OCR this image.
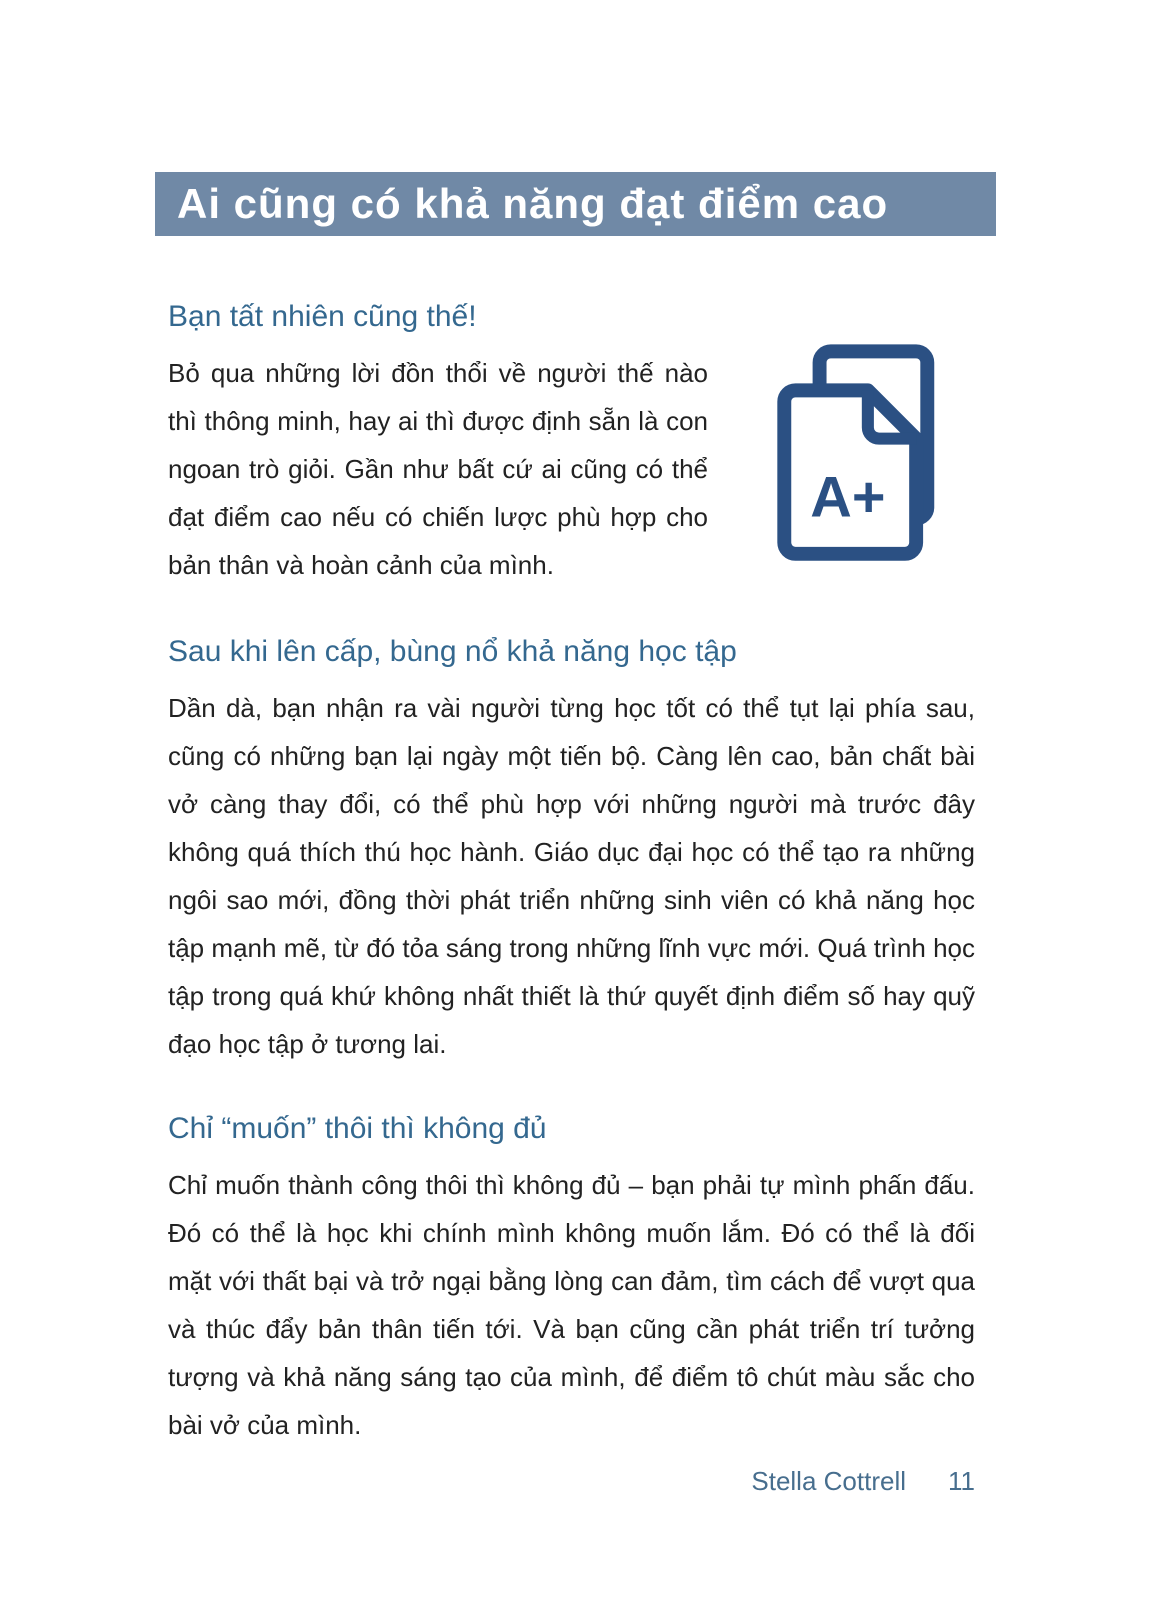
Ai cũng có khả năng đạt điểm cao
Bạn tất nhiên cũng thế!

Bỏ qua những lời đồn thổi về người thế nào thì thông minh, hay ai thì được định sẵn là con ngoan trò giỏi. Gần như bất cứ ai cũng có thể đạt điểm cao nếu có chiến lược phù hợp cho bản thân và hoàn cảnh của mình.

A+
Sau khi lên cấp, bùng nổ khả năng học tập

Dần dà, bạn nhận ra vài người từng học tốt có thể tụt lại phía sau, cũng có những bạn lại ngày một tiến bộ. Càng lên cao, bản chất bài vở càng thay đổi, có thể phù hợp với những người mà trước đây không quá thích thú học hành. Giáo dục đại học có thể tạo ra những ngôi sao mới, đồng thời phát triển những sinh viên có khả năng học tập mạnh mẽ, từ đó tỏa sáng trong những lĩnh vực mới. Quá trình học tập trong quá khứ không nhất thiết là thứ quyết định điểm số hay quỹ đạo học tập ở tương lai.

Chỉ “muốn” thôi thì không đủ

Chỉ muốn thành công thôi thì không đủ – bạn phải tự mình phấn đấu. Đó có thể là học khi chính mình không muốn lắm. Đó có thể là đối mặt với thất bại và trở ngại bằng lòng can đảm, tìm cách để vượt qua và thúc đẩy bản thân tiến tới. Và bạn cũng cần phát triển trí tưởng tượng và khả năng sáng tạo của mình, để điểm tô chút màu sắc cho bài vở của mình.

Stella Cottrell 11
